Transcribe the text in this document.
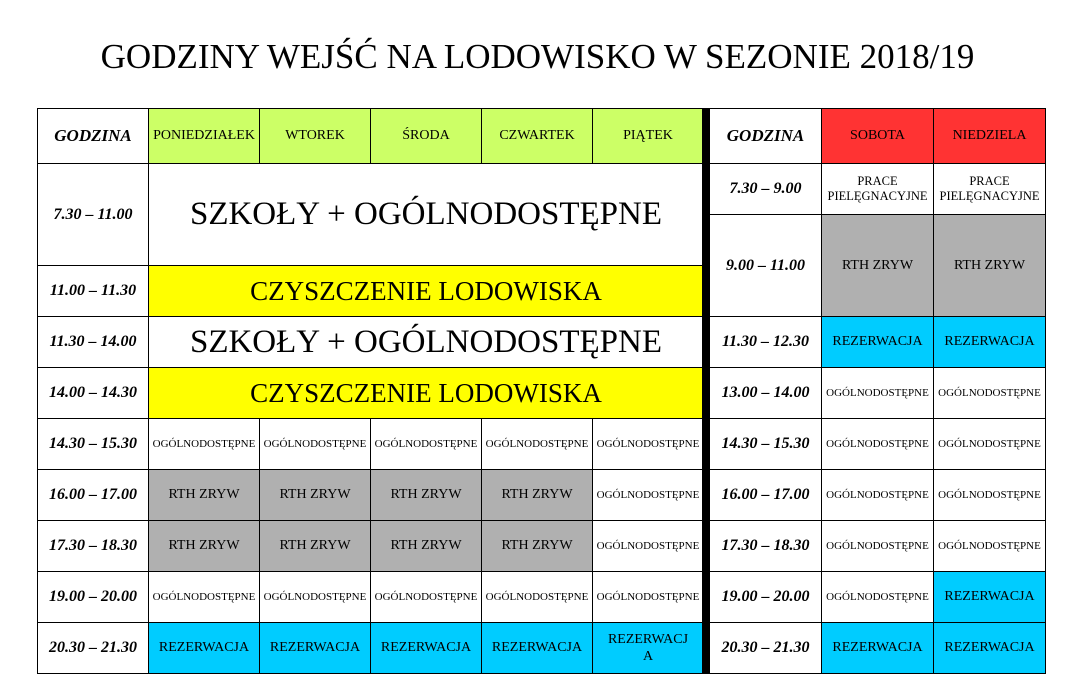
GODZINY WEJŚĆ NA LODOWISKO W SEZONIE 2018/19
GODZINA	PONIEDZIAŁEK	WTOREK	ŚRODA	CZWARTEK	PIĄTEK
7.30 – 11.00	SZKOŁY + OGÓLNODOSTĘPNE				
11.00 – 11.30	CZYSZCZENIE LODOWISKA				
11.30 – 14.00	SZKOŁY + OGÓLNODOSTĘPNE				
14.00 – 14.30	CZYSZCZENIE LODOWISKA				
14.30 – 15.30	OGÓLNODOSTĘPNE	OGÓLNODOSTĘPNE	OGÓLNODOSTĘPNE	OGÓLNODOSTĘPNE	OGÓLNODOSTĘPNE
16.00 – 17.00	RTH ZRYW	RTH ZRYW	RTH ZRYW	RTH ZRYW	OGÓLNODOSTĘPNE
17.30 – 18.30	RTH ZRYW	RTH ZRYW	RTH ZRYW	RTH ZRYW	OGÓLNODOSTĘPNE
19.00 – 20.00	OGÓLNODOSTĘPNE	OGÓLNODOSTĘPNE	OGÓLNODOSTĘPNE	OGÓLNODOSTĘPNE	OGÓLNODOSTĘPNE
20.30 – 21.30	REZERWACJA	REZERWACJA	REZERWACJA	REZERWACJA	REZERWACJ
A
GODZINA	SOBOTA	NIEDZIELA
7.30 – 9.00	PRACE PIELĘGNACYJNE	PRACE PIELĘGNACYJNE
9.00 – 11.00	RTH ZRYW	RTH ZRYW
11.30 – 12.30	REZERWACJA	REZERWACJA
13.00 – 14.00	OGÓLNODOSTĘPNE	OGÓLNODOSTĘPNE
14.30 – 15.30	OGÓLNODOSTĘPNE	OGÓLNODOSTĘPNE
16.00 – 17.00	OGÓLNODOSTĘPNE	OGÓLNODOSTĘPNE
17.30 – 18.30	OGÓLNODOSTĘPNE	OGÓLNODOSTĘPNE
19.00 – 20.00	OGÓLNODOSTĘPNE	REZERWACJA
20.30 – 21.30	REZERWACJA	REZERWACJA
